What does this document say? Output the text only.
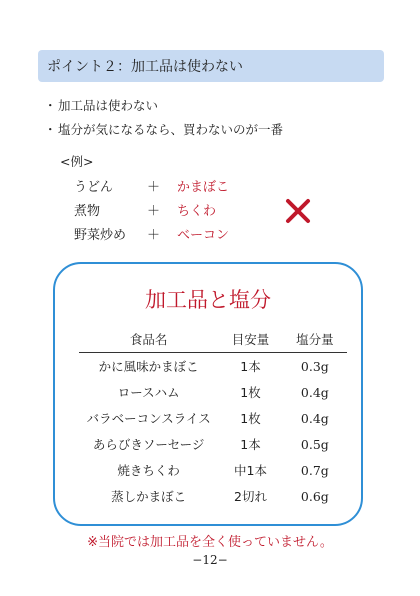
ポイント２：加工品は使わない
・ 加工品は使わない
・ 塩分が気になるなら、買わないのが一番
<例>
うどん	＋	かまぼこ
煮物	＋	ちくわ
野菜炒め	＋	ベーコン
加工品と塩分
食品名	目安量	塩分量
かに風味かまぼこ	1本	0.3g
ロースハム	1枚	0.4g
バラベーコンスライス	1枚	0.4g
あらびきソーセージ	1本	0.5g
焼きちくわ	中1本	0.7g
蒸しかまぼこ	2切れ	0.6g
※当院では加工品を全く使っていません。
−12−
